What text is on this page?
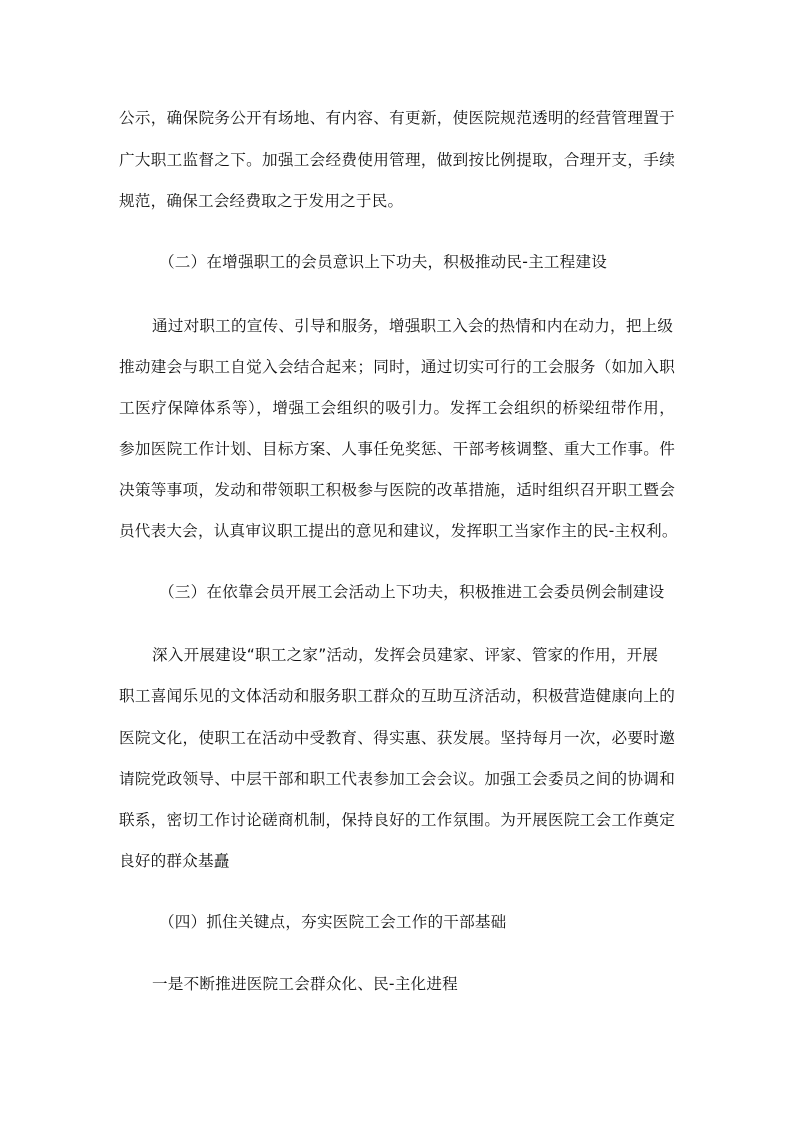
公示，确保院务公开有场地、有内容、有更新，使医院规范透明的经营管理置于
广大职工监督之下。加强工会经费使用管理，做到按比例提取，合理开支，手续
规范，确保工会经费取之于发用之于民。
（二）在增强职工的会员意识上下功夫，积极推动民-主工程建设
通过对职工的宣传、引导和服务，增强职工入会的热情和内在动力，把上级
推动建会与职工自觉入会结合起来；同时，通过切实可行的工会服务（如加入职
工医疗保障体系等），增强工会组织的吸引力。发挥工会组织的桥梁纽带作用，
参加医院工作计划、目标方案、人事任免奖惩、干部考核调整、重大工作事。件
决策等事项，发动和带领职工积极参与医院的改革措施，适时组织召开职工暨会
员代表大会，认真审议职工提出的意见和建议，发挥职工当家作主的民-主权利。
（三）在依靠会员开展工会活动上下功夫，积极推进工会委员例会制建设
深入开展建设“职工之家”活动，发挥会员建家、评家、管家的作用，开展
职工喜闻乐见的文体活动和服务职工群众的互助互济活动，积极营造健康向上的
医院文化，使职工在活动中受教育、得实惠、获发展。坚持每月一次，必要时邀
请院党政领导、中层干部和职工代表参加工会会议。加强工会委员之间的协调和
联系，密切工作讨论磋商机制，保持良好的工作氛围。为开展医院工会工作奠定
良好的群众基矗
（四）抓住关键点，夯实医院工会工作的干部基础
一是不断推进医院工会群众化、民-主化进程
